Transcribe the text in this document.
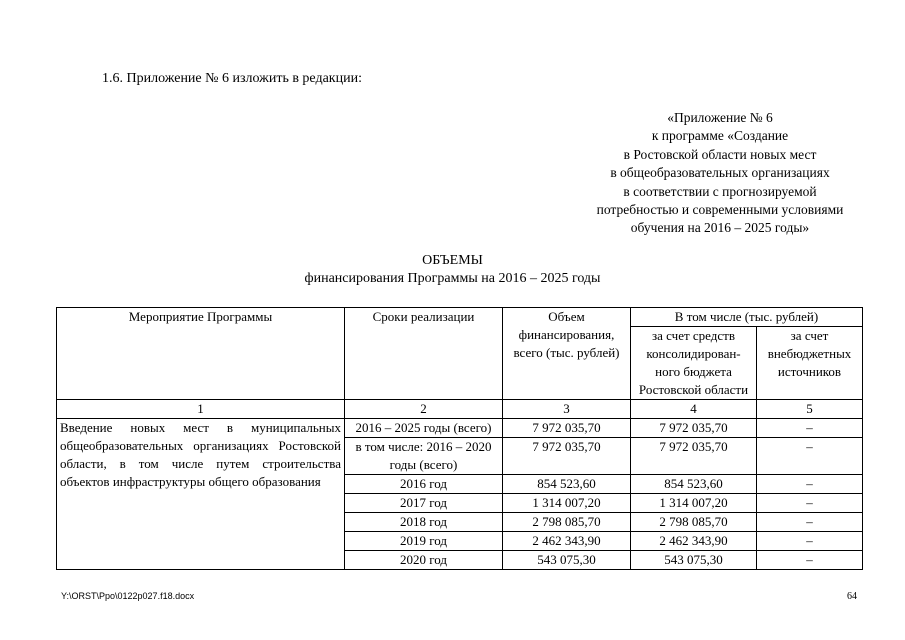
1.6. Приложение № 6 изложить в редакции:
«Приложение № 6
к программе «Создание
в Ростовской области новых мест
в общеобразовательных организациях
в соответствии с прогнозируемой
потребностью и современными условиями
обучения на 2016 – 2025 годы»
ОБЪЕМЫ
финансирования Программы на 2016 – 2025 годы
Мероприятие Программы	Сроки реализации	Объем финансирования, всего (тыс. рублей)	В том числе (тыс. рублей)	
			за счет средств консолидирован-ного бюджета Ростовской области	за счет внебюджетных источников
1	2	3	4	5
Введение новых мест в муниципальных общеобразовательных организациях Ростовской области, в том числе путем строительства объектов инфраструктуры общего образования	2016 – 2025 годы (всего)	7 972 035,70	7 972 035,70	–
	в том числе: 2016 – 2020 годы (всего)	7 972 035,70	7 972 035,70	–
	2016 год	854 523,60	854 523,60	–
	2017 год	1 314 007,20	1 314 007,20	–
	2018 год	2 798 085,70	2 798 085,70	–
	2019 год	2 462 343,90	2 462 343,90	–
	2020 год	543 075,30	543 075,30	–
Y:\ORST\Ppo\0122p027.f18.docx	64
